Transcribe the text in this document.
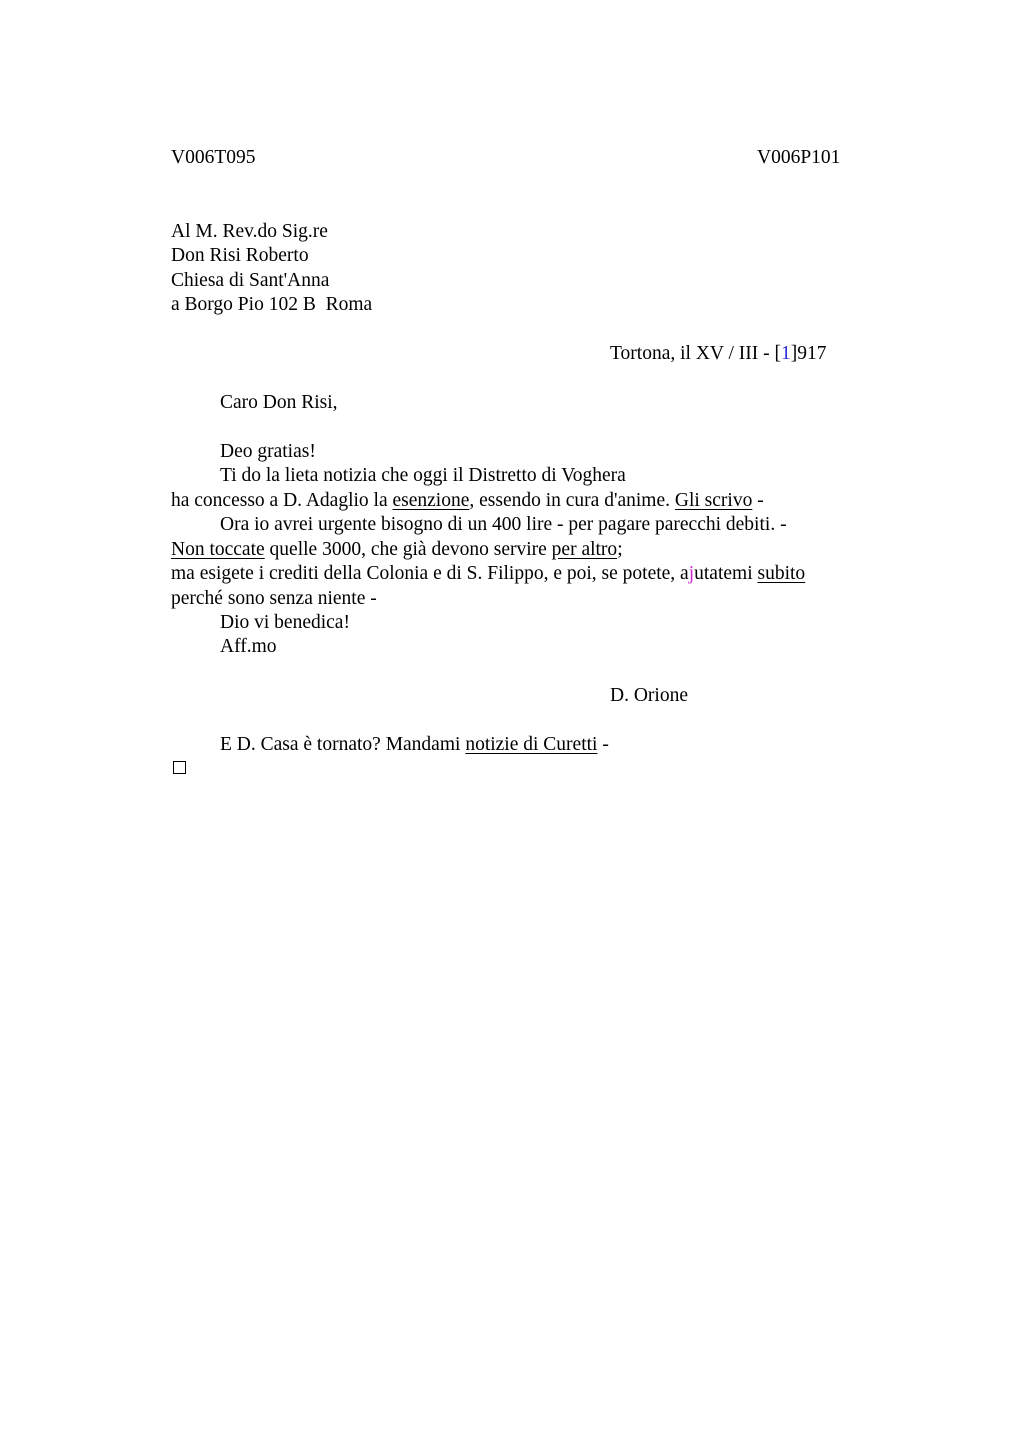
V006T095	V006P101
Al M. Rev.do Sig.re
Don Risi Roberto
Chiesa di Sant'Anna
a Borgo Pio 102 B  Roma
Tortona, il XV / III - [1]917
Caro Don Risi,
Deo gratias!
Ti do la lieta notizia che oggi il Distretto di Voghera
ha concesso a D. Adaglio la esenzione, essendo in cura d'anime. Gli scrivo -
Ora io avrei urgente bisogno di un 400 lire - per pagare parecchi debiti. -
Non toccate quelle 3000, che già devono servire per altro;
ma esigete i crediti della Colonia e di S. Filippo, e poi, se potete, ajutatemi subito
perché sono senza niente -
Dio vi benedica!
Aff.mo
D. Orione
E D. Casa è tornato? Mandami notizie di Curetti -
